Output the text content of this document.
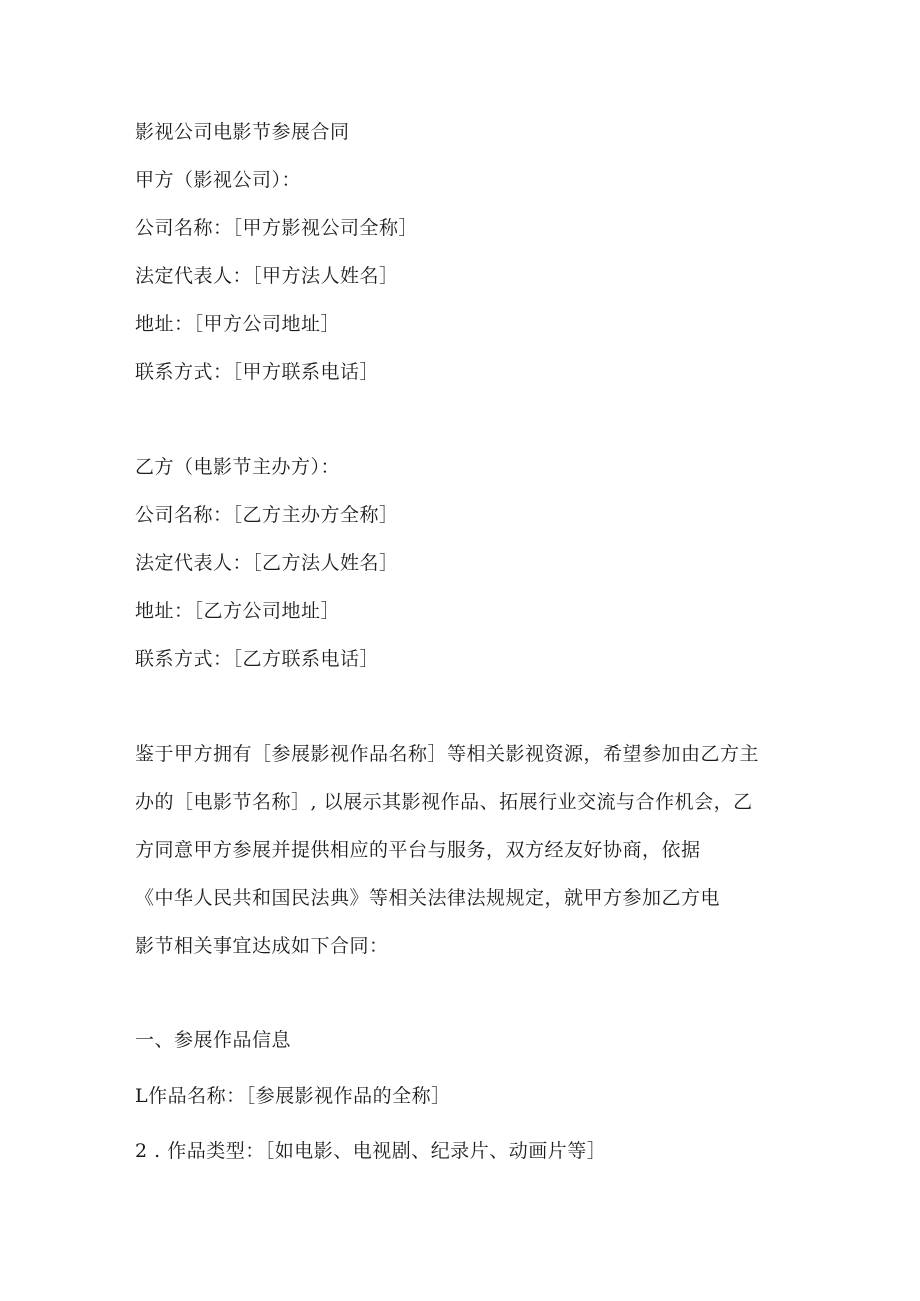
影视公司电影节参展合同
甲方（影视公司）：
公司名称：［甲方影视公司全称］
法定代表人：［甲方法人姓名］
地址：［甲方公司地址］
联系方式：［甲方联系电话］
乙方（电影节主办方）：
公司名称：［乙方主办方全称］
法定代表人：［乙方法人姓名］
地址：［乙方公司地址］
联系方式：［乙方联系电话］
鉴于甲方拥有［参展影视作品名称］等相关影视资源，希望参加由乙方主
办的［电影节名称］, 以展示其影视作品、拓展行业交流与合作机会，乙
方同意甲方参展并提供相应的平台与服务，双方经友好协商，依据
《中华人民共和国民法典》等相关法律法规规定，就甲方参加乙方电
影节相关事宜达成如下合同：
一、参展作品信息
L作品名称：［参展影视作品的全称］
2 . 作品类型：［如电影、电视剧、纪录片、动画片等］
